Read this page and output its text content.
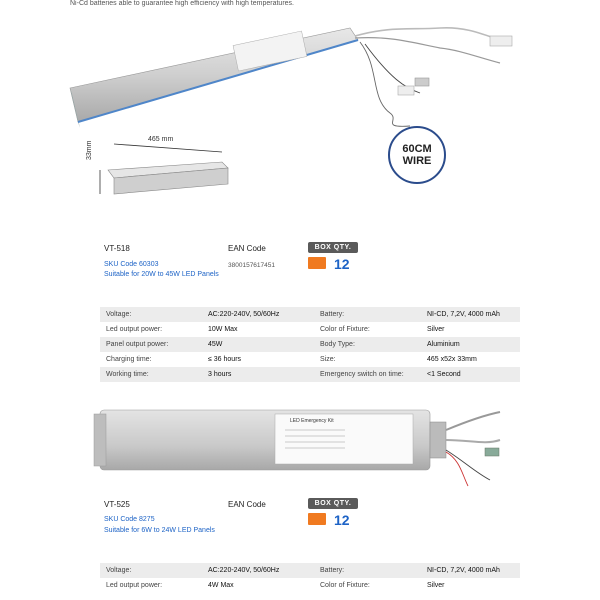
Ni-Cd batteries able to guarantee high efficiency with high temperatures.
60CM
WIRE
465 mm
33mm
VT-518	EAN Code
3800157617451
SKU Code 60303
Suitable for 20W to 45W LED Panels
BOX QTY.
12
Voltage:	AC:220-240V, 50/60Hz	Battery:	NI-CD, 7,2V, 4000 mAh
Led output power:	10W Max	Color of Fixture:	Silver
Panel output power:	45W	Body Type:	Aluminium
Charging time:	≤ 36 hours	Size:	465 x52x 33mm
Working time:	3 hours	Emergency switch on time:	<1 Second
LED Emergency Kit
VT-525	EAN Code
SKU Code 8275
Suitable for 6W to 24W LED Panels
BOX QTY.
12
Voltage:	AC:220-240V, 50/60Hz	Battery:	NI-CD, 7,2V, 4000 mAh
Led output power:	4W Max	Color of Fixture:	Silver
